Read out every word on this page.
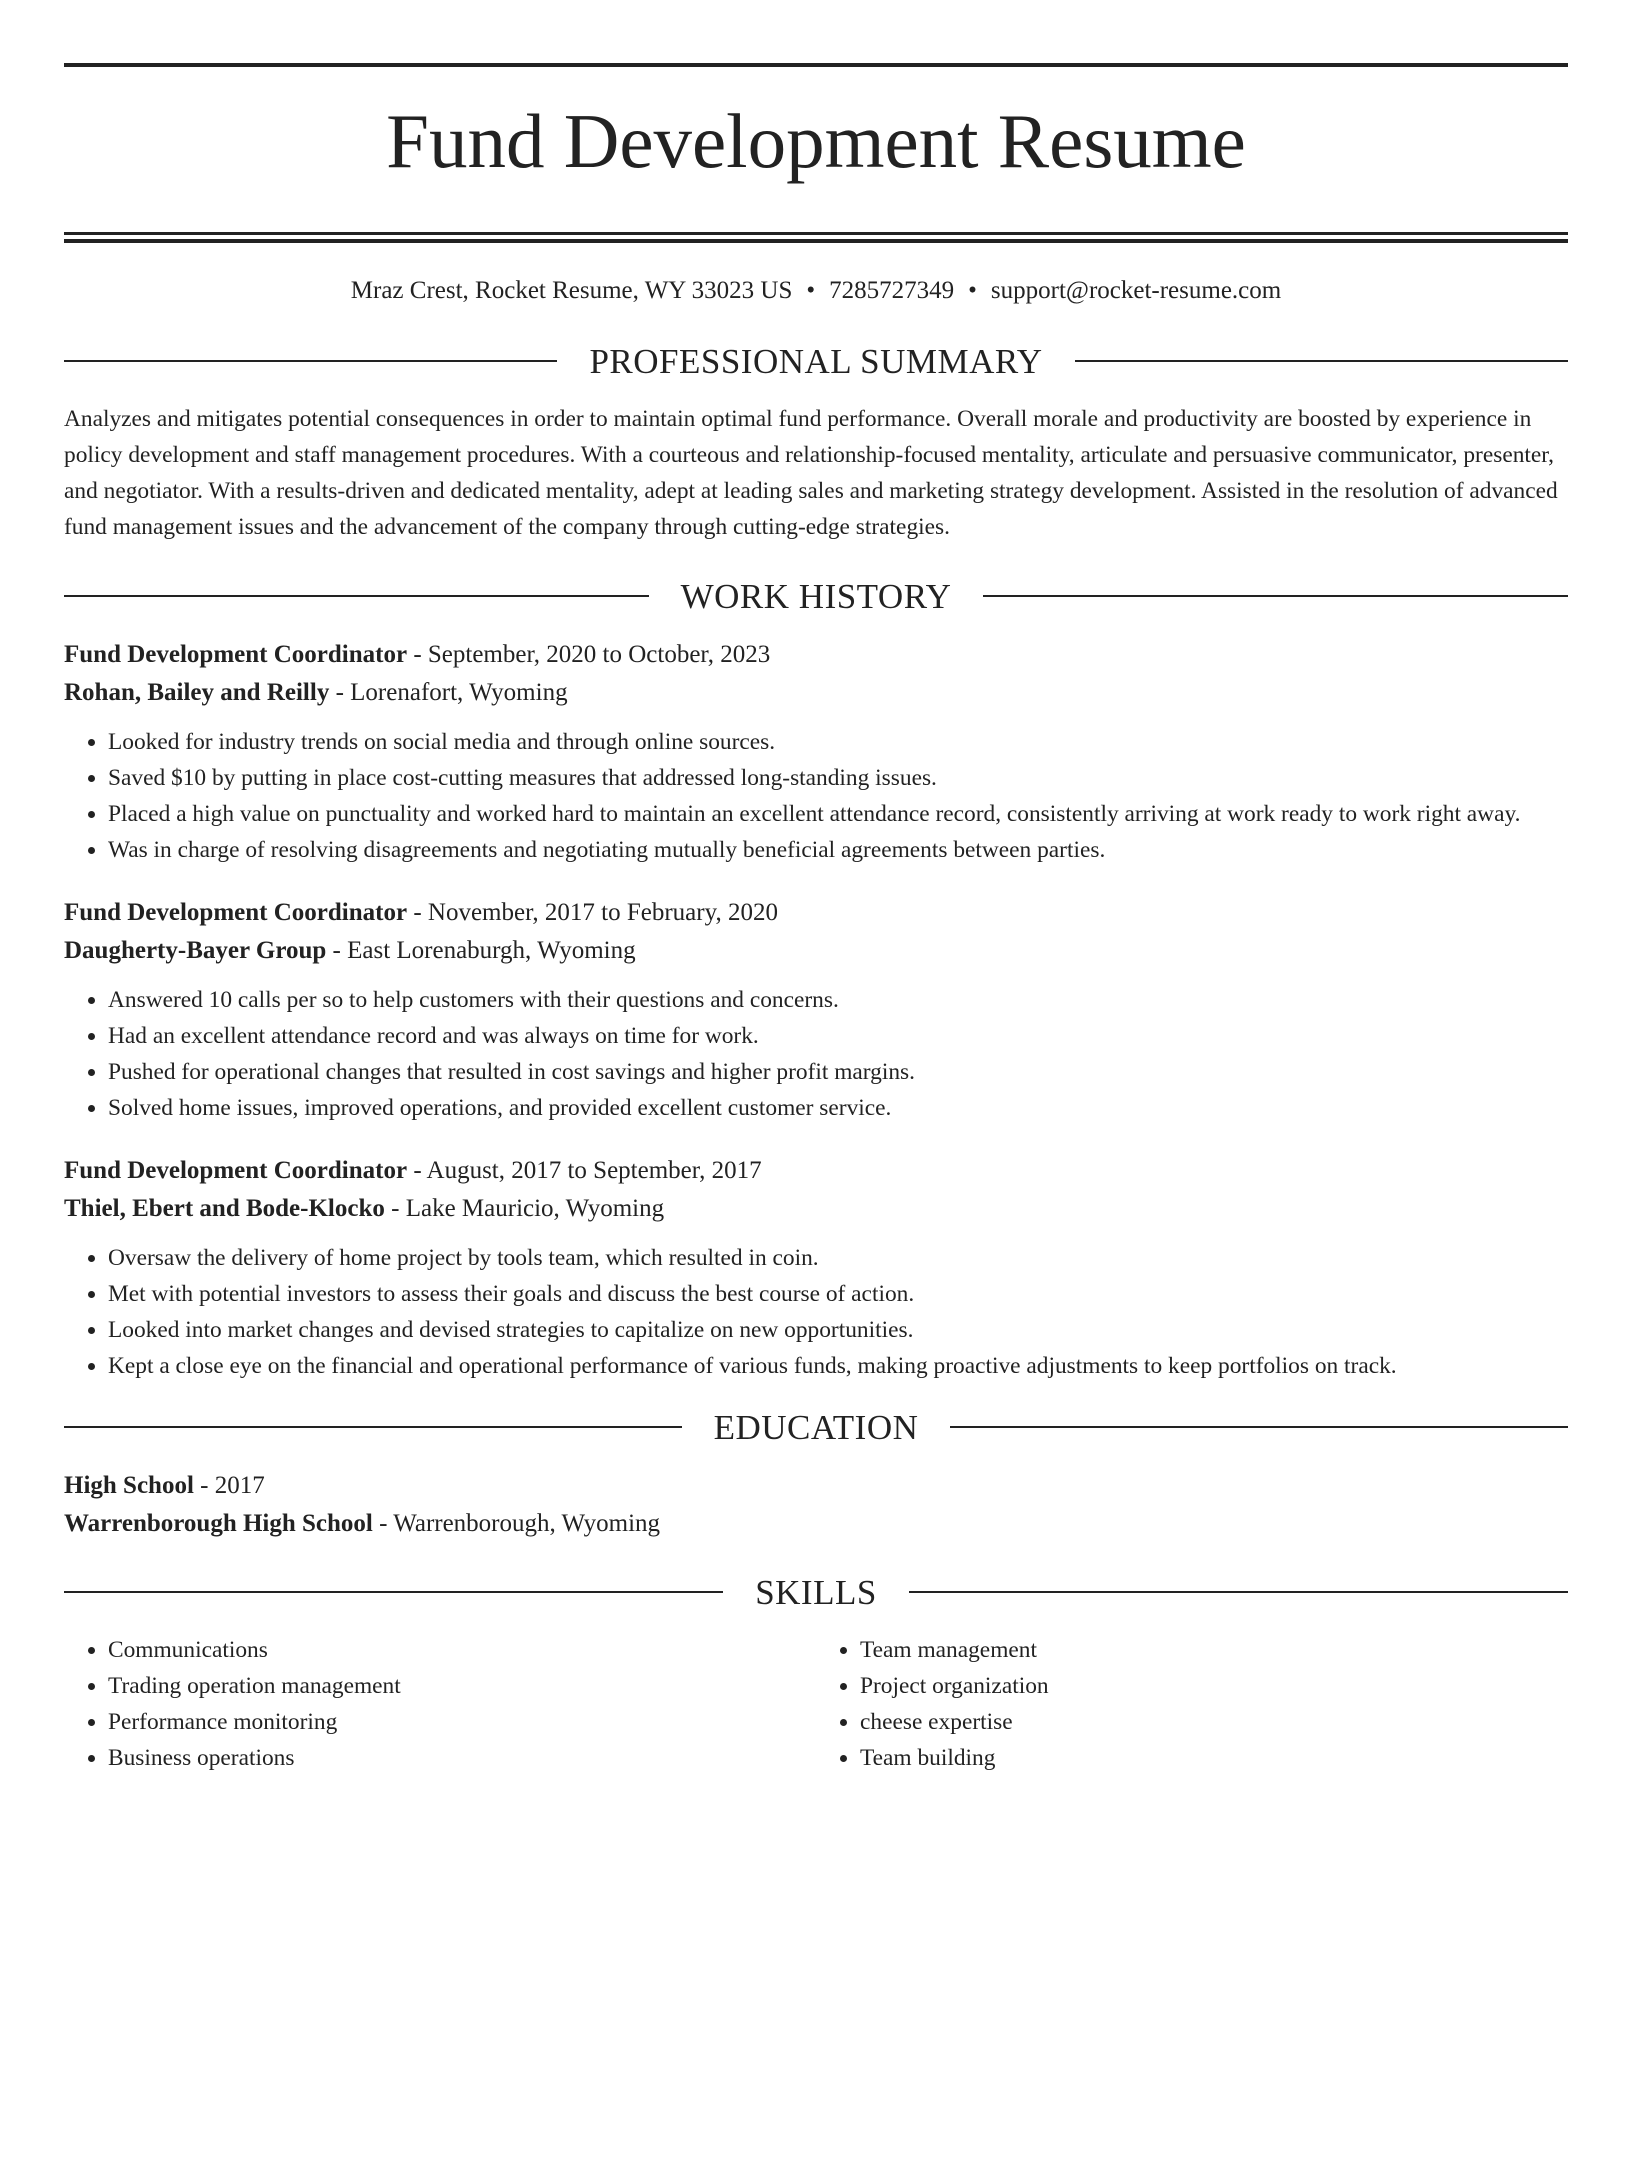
Fund Development Resume
Mraz Crest, Rocket Resume, WY 33023 US • 7285727349 • support@rocket-resume.com
PROFESSIONAL SUMMARY

Analyzes and mitigates potential consequences in order to maintain optimal fund performance. Overall morale and productivity are boosted by experience in policy development and staff management procedures. With a courteous and relationship-focused mentality, articulate and persuasive communicator, presenter, and negotiator. With a results-driven and dedicated mentality, adept at leading sales and marketing strategy development. Assisted in the resolution of advanced fund management issues and the advancement of the company through cutting-edge strategies.

WORK HISTORY
Fund Development Coordinator - September, 2020 to October, 2023
Rohan, Bailey and Reilly - Lorenafort, Wyoming
• Looked for industry trends on social media and through online sources.
• Saved $10 by putting in place cost-cutting measures that addressed long-standing issues.
• Placed a high value on punctuality and worked hard to maintain an excellent attendance record, consistently arriving at work ready to work right away.
• Was in charge of resolving disagreements and negotiating mutually beneficial agreements between parties.
Fund Development Coordinator - November, 2017 to February, 2020
Daugherty-Bayer Group - East Lorenaburgh, Wyoming
• Answered 10 calls per so to help customers with their questions and concerns.
• Had an excellent attendance record and was always on time for work.
• Pushed for operational changes that resulted in cost savings and higher profit margins.
• Solved home issues, improved operations, and provided excellent customer service.
Fund Development Coordinator - August, 2017 to September, 2017
Thiel, Ebert and Bode-Klocko - Lake Mauricio, Wyoming
• Oversaw the delivery of home project by tools team, which resulted in coin.
• Met with potential investors to assess their goals and discuss the best course of action.
• Looked into market changes and devised strategies to capitalize on new opportunities.
• Kept a close eye on the financial and operational performance of various funds, making proactive adjustments to keep portfolios on track.
EDUCATION
High School - 2017
Warrenborough High School - Warrenborough, Wyoming
SKILLS
• Communications
• Trading operation management
• Performance monitoring
• Business operations
• Team management
• Project organization
• cheese expertise
• Team building
